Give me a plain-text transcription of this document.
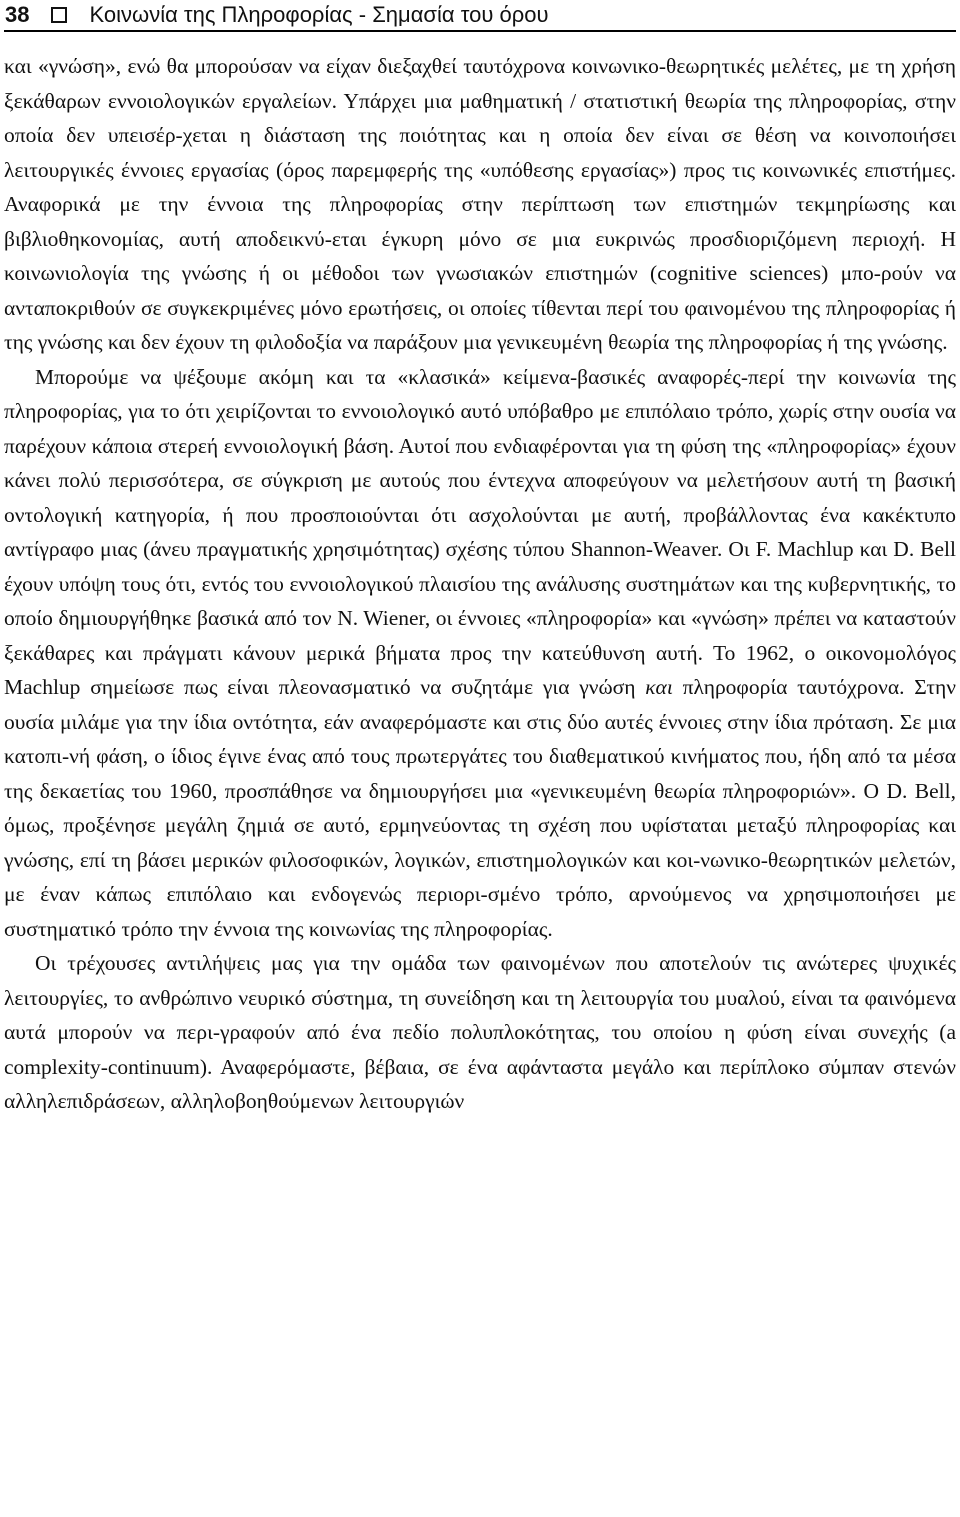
38	Κοινωνία της Πληροφορίας - Σημασία του όρου

και «γνώση», ενώ θα μπορούσαν να είχαν διεξαχθεί ταυτόχρονα κοινωνικο-θεωρητικές μελέτες, με τη χρήση ξεκάθαρων εννοιολογικών εργαλείων. Υπάρχει μια μαθηματική / στατιστική θεωρία της πληροφορίας, στην οποία δεν υπεισέρ-χεται η διάσταση της ποιότητας και η οποία δεν είναι σε θέση να κοινοποιήσει λειτουργικές έννοιες εργασίας (όρος παρεμφερής της «υπόθεσης εργασίας») προς τις κοινωνικές επιστήμες. Αναφορικά με την έννοια της πληροφορίας στην περίπτωση των επιστημών τεκμηρίωσης και βιβλιοθηκονομίας, αυτή αποδεικνύ-εται έγκυρη μόνο σε μια ευκρινώς προσδιοριζόμενη περιοχή. Η κοινωνιολογία της γνώσης ή οι μέθοδοι των γνωσιακών επιστημών (cognitive sciences) μπο-ρούν να ανταποκριθούν σε συγκεκριμένες μόνο ερωτήσεις, οι οποίες τίθενται περί του φαινομένου της πληροφορίας ή της γνώσης και δεν έχουν τη φιλοδοξία να παράξουν μια γενικευμένη θεωρία της πληροφορίας ή της γνώσης.

Μπορούμε να ψέξουμε ακόμη και τα «κλασικά» κείμενα-βασικές αναφορές-περί την κοινωνία της πληροφορίας, για το ότι χειρίζονται το εννοιολογικό αυτό υπόβαθρο με επιπόλαιο τρόπο, χωρίς στην ουσία να παρέχουν κάποια στερεή εννοιολογική βάση. Αυτοί που ενδιαφέρονται για τη φύση της «πληροφορίας» έχουν κάνει πολύ περισσότερα, σε σύγκριση με αυτούς που έντεχνα αποφεύγουν να μελετήσουν αυτή τη βασική οντολογική κατηγορία, ή που προσποιούνται ότι ασχολούνται με αυτή, προβάλλοντας ένα κακέκτυπο αντίγραφο μιας (άνευ πραγματικής χρησιμότητας) σχέσης τύπου Shannon-Weaver. Οι F. Machlup και D. Bell έχουν υπόψη τους ότι, εντός του εννοιολογικού πλαισίου της ανάλυσης συστημάτων και της κυβερνητικής, το οποίο δημιουργήθηκε βασικά από τον N. Wiener, οι έννοιες «πληροφορία» και «γνώση» πρέπει να καταστούν ξεκάθαρες και πράγματι κάνουν μερικά βήματα προς την κατεύθυνση αυτή. Το 1962, ο οικονομολόγος Machlup σημείωσε πως είναι πλεονασματικό να συζητάμε για γνώση και πληροφορία ταυτόχρονα. Στην ουσία μιλάμε για την ίδια οντότητα, εάν αναφερόμαστε και στις δύο αυτές έννοιες στην ίδια πρόταση. Σε μια κατοπι-νή φάση, ο ίδιος έγινε ένας από τους πρωτεργάτες του διαθεματικού κινήματος που, ήδη από τα μέσα της δεκαετίας του 1960, προσπάθησε να δημιουργήσει μια «γενικευμένη θεωρία πληροφοριών». Ο D. Bell, όμως, προξένησε μεγάλη ζημιά σε αυτό, ερμηνεύοντας τη σχέση που υφίσταται μεταξύ πληροφορίας και γνώσης, επί τη βάσει μερικών φιλοσοφικών, λογικών, επιστημολογικών και κοι-νωνικο-θεωρητικών μελετών, με έναν κάπως επιπόλαιο και ενδογενώς περιορι-σμένο τρόπο, αρνούμενος να χρησιμοποιήσει με συστηματικό τρόπο την έννοια της κοινωνίας της πληροφορίας.

Οι τρέχουσες αντιλήψεις μας για την ομάδα των φαινομένων που αποτελούν τις ανώτερες ψυχικές λειτουργίες, το ανθρώπινο νευρικό σύστημα, τη συνείδηση και τη λειτουργία του μυαλού, είναι τα φαινόμενα αυτά μπορούν να περι-γραφούν από ένα πεδίο πολυπλοκότητας, του οποίου η φύση είναι συνεχής (a complexity-continuum). Αναφερόμαστε, βέβαια, σε ένα αφάνταστα μεγάλο και περίπλοκο σύμπαν στενών αλληλεπιδράσεων, αλληλοβοηθούμενων λειτουργιών
